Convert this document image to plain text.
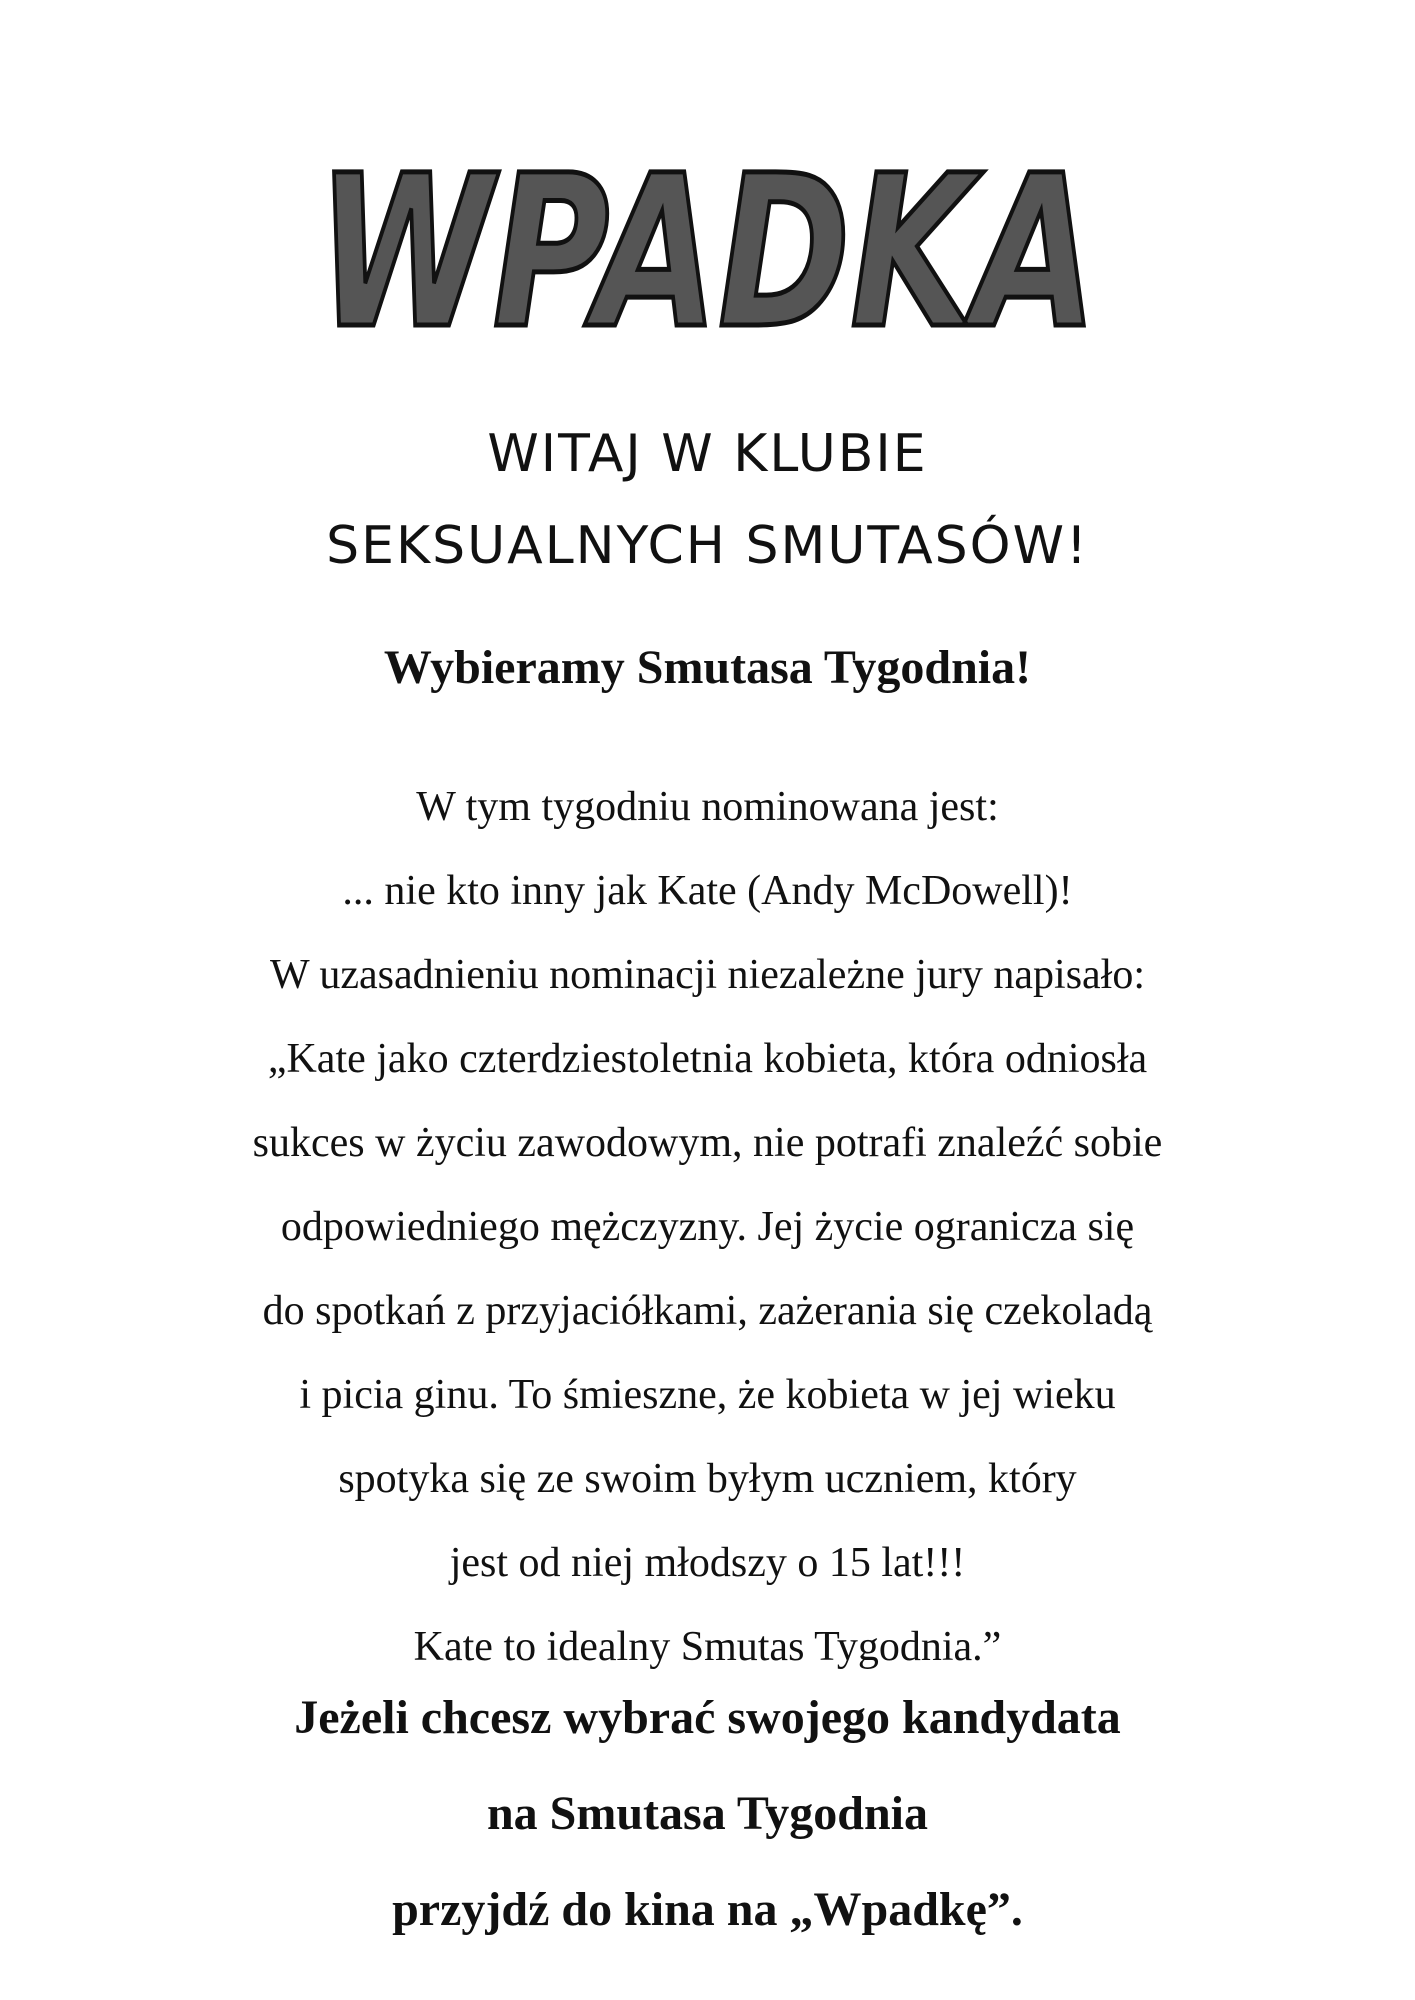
WPADKA
WITAJ W KLUBIE
SEKSUALNYCH SMUTASÓW!
Wybieramy Smutasa Tygodnia!
W tym tygodniu nominowana jest:
... nie kto inny jak Kate (Andy McDowell)!
W uzasadnieniu nominacji niezależne jury napisało:
„Kate jako czterdziestoletnia kobieta, która odniosła
sukces w życiu zawodowym, nie potrafi znaleźć sobie
odpowiedniego mężczyzny. Jej życie ogranicza się
do spotkań z przyjaciółkami, zażerania się czekoladą
i picia ginu. To śmieszne, że kobieta w jej wieku
spotyka się ze swoim byłym uczniem, który
jest od niej młodszy o 15 lat!!!
Kate to idealny Smutas Tygodnia.”
Jeżeli chcesz wybrać swojego kandydata
na Smutasa Tygodnia
przyjdź do kina na „Wpadkę”.
